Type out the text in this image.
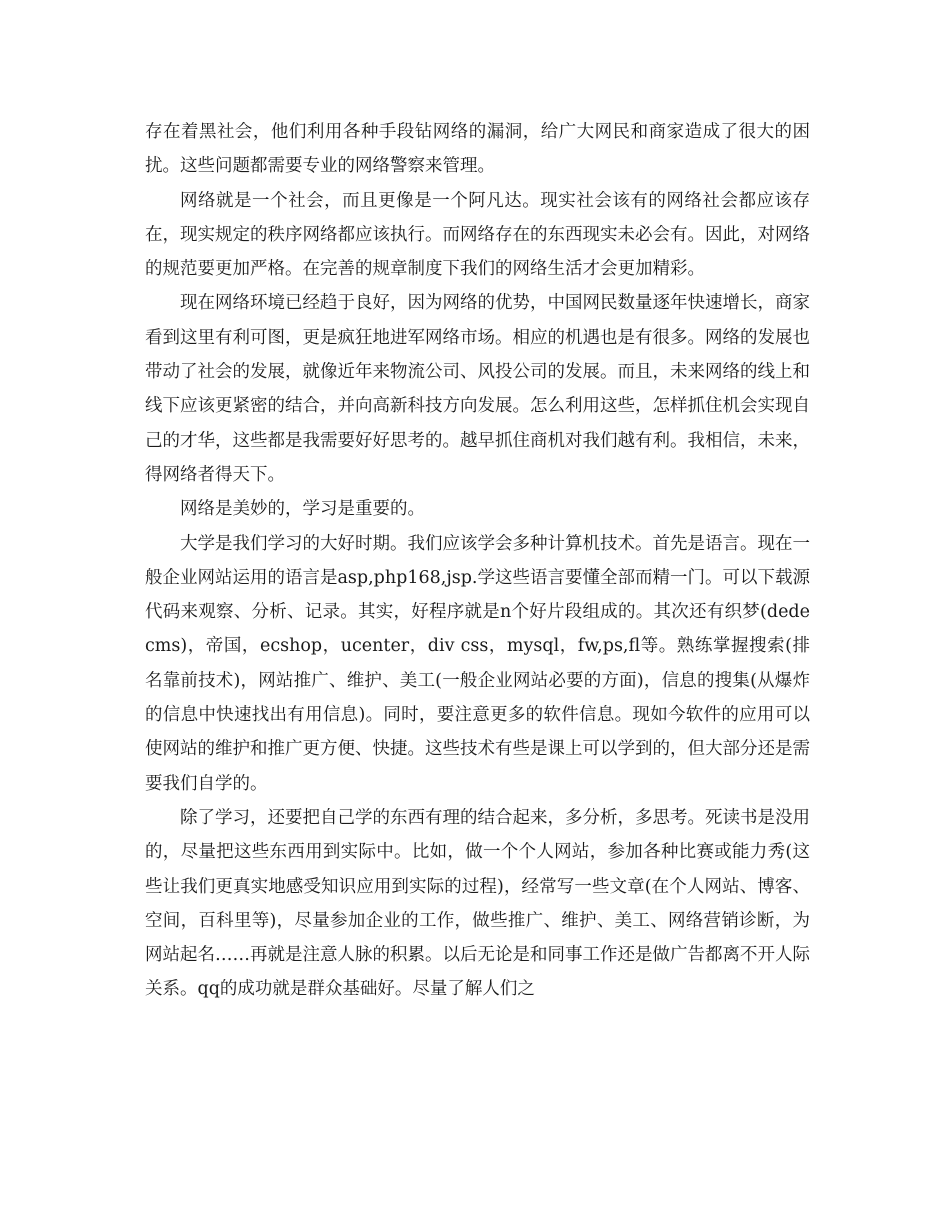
存在着黑社会，他们利用各种手段钻网络的漏洞，给广大网民和商家造成了很大的困扰。这些问题都需要专业的网络警察来管理。

网络就是一个社会，而且更像是一个阿凡达。现实社会该有的网络社会都应该存在，现实规定的秩序网络都应该执行。而网络存在的东西现实未必会有。因此，对网络的规范要更加严格。在完善的规章制度下我们的网络生活才会更加精彩。

现在网络环境已经趋于良好，因为网络的优势，中国网民数量逐年快速增长，商家看到这里有利可图，更是疯狂地进军网络市场。相应的机遇也是有很多。网络的发展也带动了社会的发展，就像近年来物流公司、风投公司的发展。而且，未来网络的线上和线下应该更紧密的结合，并向高新科技方向发展。怎么利用这些，怎样抓住机会实现自己的才华，这些都是我需要好好思考的。越早抓住商机对我们越有利。我相信，未来，得网络者得天下。

网络是美妙的，学习是重要的。

大学是我们学习的大好时期。我们应该学会多种计算机技术。首先是语言。现在一般企业网站运用的语言是asp,php168,jsp.学这些语言要懂全部而精一门。可以下载源代码来观察、分析、记录。其实，好程序就是n个好片段组成的。其次还有织梦(dedecms)，帝国，ecshop，ucenter，div css，mysql，fw,ps,fl等。熟练掌握搜索(排名靠前技术)，网站推广、维护、美工(一般企业网站必要的方面)，信息的搜集(从爆炸的信息中快速找出有用信息)。同时，要注意更多的软件信息。现如今软件的应用可以使网站的维护和推广更方便、快捷。这些技术有些是课上可以学到的，但大部分还是需要我们自学的。

除了学习，还要把自己学的东西有理的结合起来，多分析，多思考。死读书是没用的，尽量把这些东西用到实际中。比如，做一个个人网站，参加各种比赛或能力秀(这些让我们更真实地感受知识应用到实际的过程)，经常写一些文章(在个人网站、博客、空间，百科里等)，尽量参加企业的工作，做些推广、维护、美工、网络营销诊断，为网站起名……再就是注意人脉的积累。以后无论是和同事工作还是做广告都离不开人际关系。qq的成功就是群众基础好。尽量了解人们之
